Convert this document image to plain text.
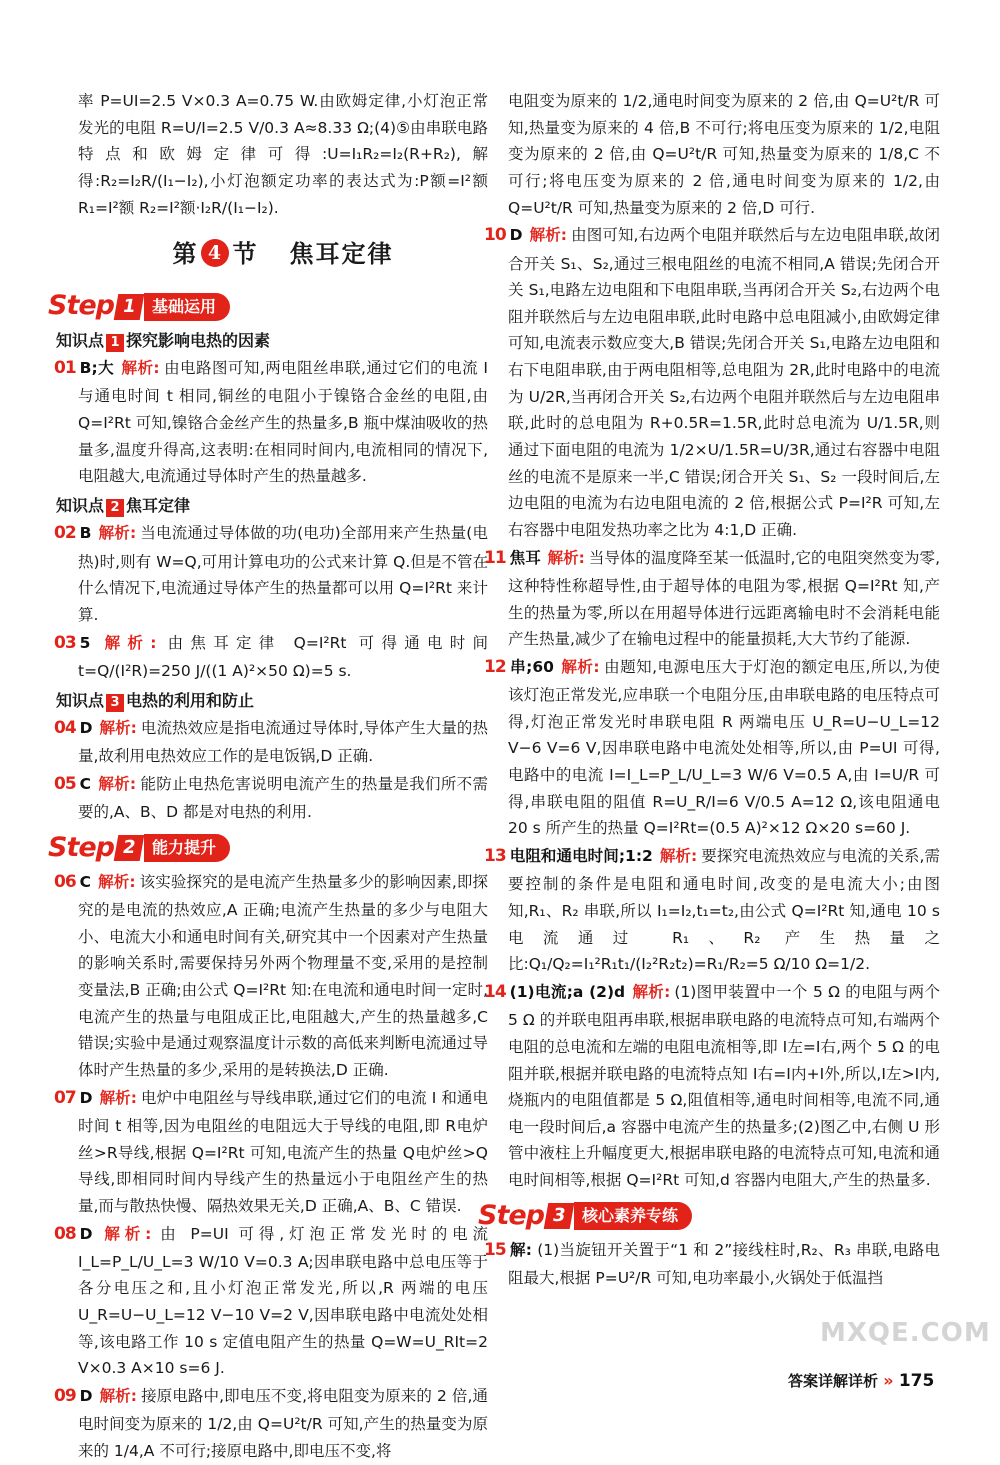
率 P=UI=2.5 V×0.3 A=0.75 W.由欧姆定律,小灯泡正常发光的电阻 R=U/I=2.5 V/0.3 A≈8.33 Ω;(4)⑤由串联电路特点和欧姆定律可得:U=I₁R₂=I₂(R+R₂),解得:R₂=I₂R/(I₁−I₂),小灯泡额定功率的表达式为:P额=I²额 R₁=I²额 R₂=I²额·I₂R/(I₁−I₂).

第 4 节 焦耳定律
Step 1 基础运用
知识点 1 探究影响电热的因素

01 B;大 解析: 由电路图可知,两电阻丝串联,通过它们的电流 I 与通电时间 t 相同,铜丝的电阻小于镍铬合金丝的电阻,由 Q=I²Rt 可知,镍铬合金丝产生的热量多,B 瓶中煤油吸收的热量多,温度升得高,这表明:在相同时间内,电流相同的情况下,电阻越大,电流通过导体时产生的热量越多.

知识点 2 焦耳定律

02 B 解析: 当电流通过导体做的功(电功)全部用来产生热量(电热)时,则有 W=Q,可用计算电功的公式来计算 Q.但是不管在什么情况下,电流通过导体产生的热量都可以用 Q=I²Rt 来计算.

03 5 解析: 由焦耳定律 Q=I²Rt 可得通电时间 t=Q/(I²R)=250 J/((1 A)²×50 Ω)=5 s.

知识点 3 电热的利用和防止

04 D 解析: 电流热效应是指电流通过导体时,导体产生大量的热量,故利用电热效应工作的是电饭锅,D 正确.

05 C 解析: 能防止电热危害说明电流产生的热量是我们所不需要的,A、B、D 都是对电热的利用.

Step 2 能力提升

06 C 解析: 该实验探究的是电流产生热量多少的影响因素,即探究的是电流的热效应,A 正确;电流产生热量的多少与电阻大小、电流大小和通电时间有关,研究其中一个因素对产生热量的影响关系时,需要保持另外两个物理量不变,采用的是控制变量法,B 正确;由公式 Q=I²Rt 知:在电流和通电时间一定时,电流产生的热量与电阻成正比,电阻越大,产生的热量越多,C 错误;实验中是通过观察温度计示数的高低来判断电流通过导体时产生热量的多少,采用的是转换法,D 正确.

07 D 解析: 电炉中电阻丝与导线串联,通过它们的电流 I 和通电时间 t 相等,因为电阻丝的电阻远大于导线的电阻,即 R电炉丝>R导线,根据 Q=I²Rt 可知,电流产生的热量 Q电炉丝>Q导线,即相同时间内导线产生的热量远小于电阻丝产生的热量,而与散热快慢、隔热效果无关,D 正确,A、B、C 错误.

08 D 解析: 由 P=UI 可得,灯泡正常发光时的电流 I_L=P_L/U_L=3 W/10 V=0.3 A;因串联电路中总电压等于各分电压之和,且小灯泡正常发光,所以,R 两端的电压 U_R=U−U_L=12 V−10 V=2 V,因串联电路中电流处处相等,该电路工作 10 s 定值电阻产生的热量 Q=W=U_RIt=2 V×0.3 A×10 s=6 J.

09 D 解析: 接原电路中,即电压不变,将电阻变为原来的 2 倍,通电时间变为原来的 1/2,由 Q=U²t/R 可知,产生的热量变为原来的 1/4,A 不可行;接原电路中,即电压不变,将

电阻变为原来的 1/2,通电时间变为原来的 2 倍,由 Q=U²t/R 可知,热量变为原来的 4 倍,B 不可行;将电压变为原来的 1/2,电阻变为原来的 2 倍,由 Q=U²t/R 可知,热量变为原来的 1/8,C 不可行;将电压变为原来的 2 倍,通电时间变为原来的 1/2,由 Q=U²t/R 可知,热量变为原来的 2 倍,D 可行.

10 D 解析: 由图可知,右边两个电阻并联然后与左边电阻串联,故闭合开关 S₁、S₂,通过三根电阻丝的电流不相同,A 错误;先闭合开关 S₁,电路左边电阻和下电阻串联,当再闭合开关 S₂,右边两个电阻并联然后与左边电阻串联,此时电路中总电阻减小,由欧姆定律可知,电流表示数应变大,B 错误;先闭合开关 S₁,电路左边电阻和右下电阻串联,由于两电阻相等,总电阻为 2R,此时电路中的电流为 U/2R,当再闭合开关 S₂,右边两个电阻并联然后与左边电阻串联,此时的总电阻为 R+0.5R=1.5R,此时总电流为 U/1.5R,则通过下面电阻的电流为 1/2×U/1.5R=U/3R,通过右容器中电阻丝的电流不是原来一半,C 错误;闭合开关 S₁、S₂ 一段时间后,左边电阻的电流为右边电阻电流的 2 倍,根据公式 P=I²R 可知,左右容器中电阻发热功率之比为 4:1,D 正确.

11 焦耳 解析: 当导体的温度降至某一低温时,它的电阻突然变为零,这种特性称超导性,由于超导体的电阻为零,根据 Q=I²Rt 知,产生的热量为零,所以在用超导体进行远距离输电时不会消耗电能产生热量,减少了在输电过程中的能量损耗,大大节约了能源.

12 串;60 解析: 由题知,电源电压大于灯泡的额定电压,所以,为使该灯泡正常发光,应串联一个电阻分压,由串联电路的电压特点可得,灯泡正常发光时串联电阻 R 两端电压 U_R=U−U_L=12 V−6 V=6 V,因串联电路中电流处处相等,所以,由 P=UI 可得,电路中的电流 I=I_L=P_L/U_L=3 W/6 V=0.5 A,由 I=U/R 可得,串联电阻的阻值 R=U_R/I=6 V/0.5 A=12 Ω,该电阻通电 20 s 所产生的热量 Q=I²Rt=(0.5 A)²×12 Ω×20 s=60 J.

13 电阻和通电时间;1:2 解析: 要探究电流热效应与电流的关系,需要控制的条件是电阻和通电时间,改变的是电流大小;由图知,R₁、R₂ 串联,所以 I₁=I₂,t₁=t₂,由公式 Q=I²Rt 知,通电 10 s 电流通过 R₁、R₂ 产生热量之比:Q₁/Q₂=I₁²R₁t₁/(I₂²R₂t₂)=R₁/R₂=5 Ω/10 Ω=1/2.

14 (1)电流;a (2)d 解析: (1)图甲装置中一个 5 Ω 的电阻与两个 5 Ω 的并联电阻再串联,根据串联电路的电流特点可知,右端两个电阻的总电流和左端的电阻电流相等,即 I左=I右,两个 5 Ω 的电阻并联,根据并联电路的电流特点知 I右=I内+I外,所以,I左>I内,烧瓶内的电阻值都是 5 Ω,阻值相等,通电时间相等,电流不同,通电一段时间后,a 容器中电流产生的热量多;(2)图乙中,右侧 U 形管中液柱上升幅度更大,根据串联电路的电流特点可知,电流和通电时间相等,根据 Q=I²Rt 可知,d 容器内电阻大,产生的热量多.

Step 3 核心素养专练

15 解: (1)当旋钮开关置于“1 和 2”接线柱时,R₂、R₃ 串联,电路电阻最大,根据 P=U²/R 可知,电功率最小,火锅处于低温挡

MXQE.COM
答案详解详析 » 175
